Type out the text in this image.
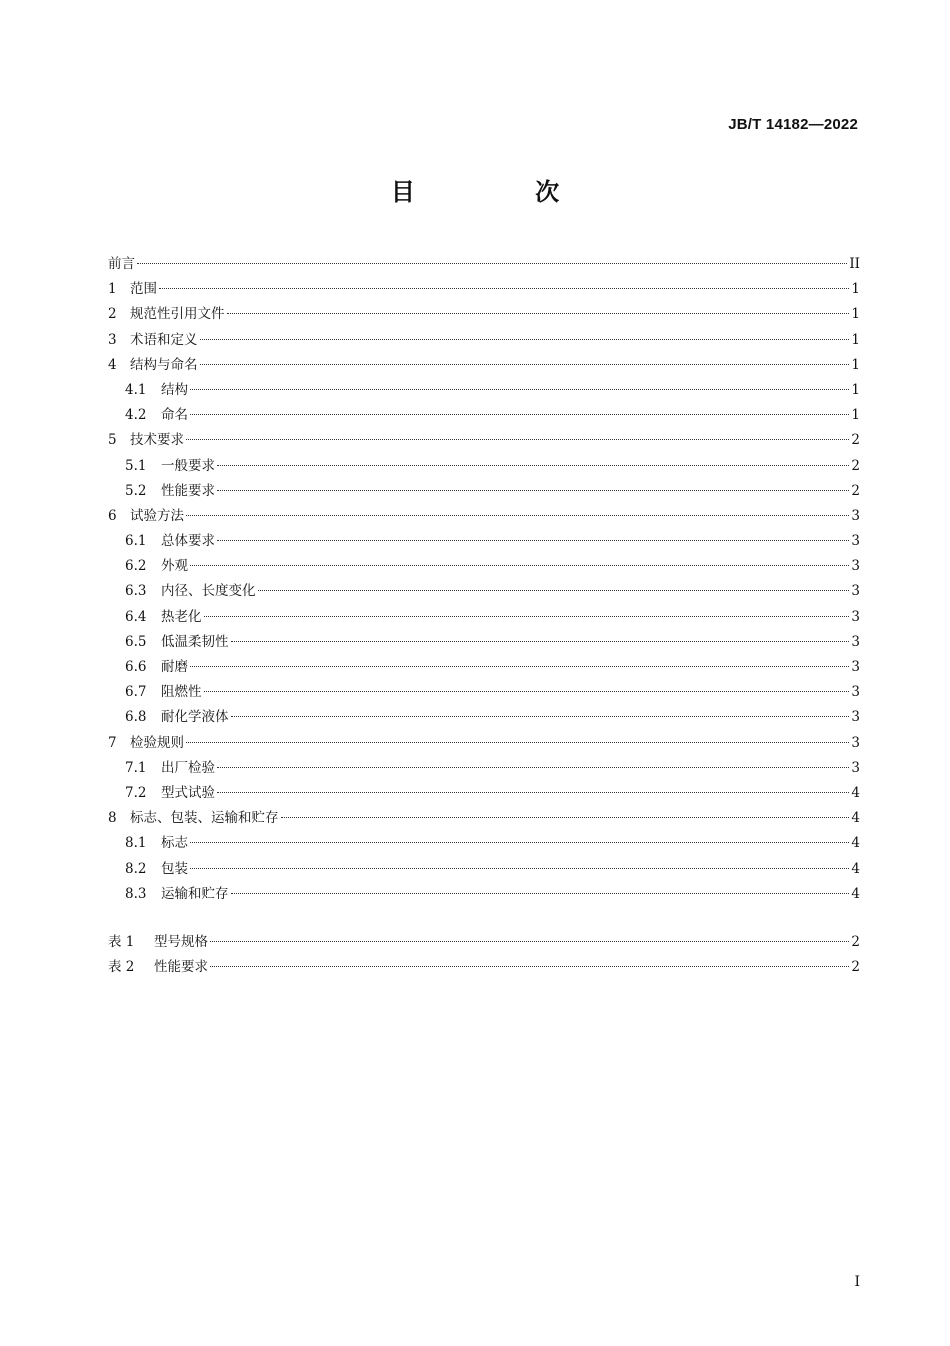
JB/T 14182—2022
目 次
前言	II
1 范围	1
2 规范性引用文件	1
3 术语和定义	1
4 结构与命名	1
4.1	结构	1
4.2	命名	1
5 技术要求	2
5.1	一般要求	2
5.2	性能要求	2
6 试验方法	3
6.1	总体要求	3
6.2	外观	3
6.3	内径、长度变化	3
6.4	热老化	3
6.5	低温柔韧性	3
6.6	耐磨	3
6.7	阻燃性	3
6.8	耐化学液体	3
7 检验规则	3
7.1	出厂检验	3
7.2	型式试验	4
8 标志、包装、运输和贮存	4
8.1	标志	4
8.2	包装	4
8.3	运输和贮存	4
表 1	型号规格	2
表 2	性能要求	2
I
